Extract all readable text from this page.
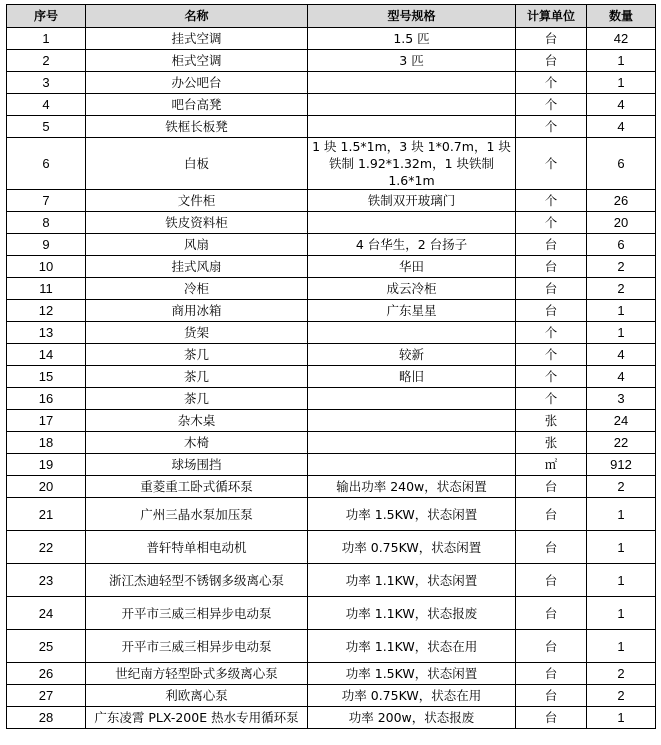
序号	名称	型号规格	计算单位	数量
1	挂式空调	1.5 匹	台	42
2	柜式空调	3 匹	台	1
3	办公吧台		个	1
4	吧台高凳		个	4
5	铁框长板凳		个	4
6	白板	1 块 1.5*1m，3 块 1*0.7m，1 块铁制 1.92*1.32m，1 块铁制 1.6*1m	个	6
7	文件柜	铁制双开玻璃门	个	26
8	铁皮资料柜		个	20
9	风扇	4 台华生，2 台扬子	台	6
10	挂式风扇	华田	台	2
11	冷柜	成云冷柜	台	2
12	商用冰箱	广东星星	台	1
13	货架		个	1
14	茶几	较新	个	4
15	茶几	略旧	个	4
16	茶几		个	3
17	杂木桌		张	24
18	木椅		张	22
19	球场围挡		㎡	912
20	重菱重工卧式循环泵	输出功率 240w，状态闲置	台	2
21	广州三晶水泵加压泵	功率 1.5KW，状态闲置	台	1
22	普轩特单相电动机	功率 0.75KW，状态闲置	台	1
23	浙江杰迪轻型不锈钢多级离心泵	功率 1.1KW，状态闲置	台	1
24	开平市三威三相异步电动泵	功率 1.1KW，状态报废	台	1
25	开平市三威三相异步电动泵	功率 1.1KW，状态在用	台	1
26	世纪南方轻型卧式多级离心泵	功率 1.5KW，状态闲置	台	2
27	利欧离心泵	功率 0.75KW，状态在用	台	2
28	广东凌霄 PLX-200E 热水专用循环泵	功率 200w，状态报废	台	1
